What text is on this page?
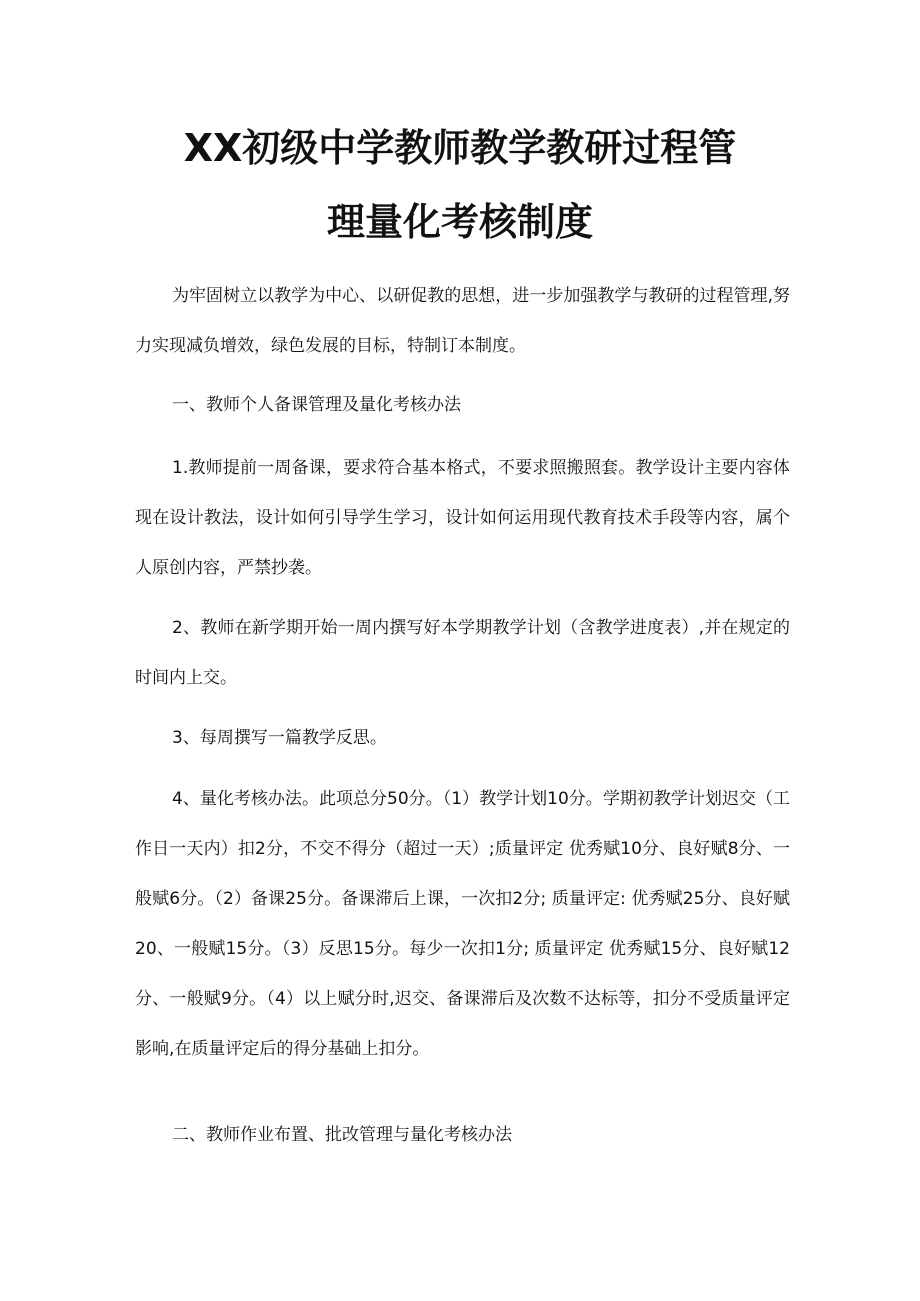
XX初级中学教师教学教研过程管
理量化考核制度

为牢固树立以教学为中心、以研促教的思想，进一步加强教学与教研的过程管理,努力实现减负增效，绿色发展的目标，特制订本制度。

一、教师个人备课管理及量化考核办法

1.教师提前一周备课，要求符合基本格式，不要求照搬照套。教学设计主要内容体现在设计教法，设计如何引导学生学习，设计如何运用现代教育技术手段等内容，属个人原创内容，严禁抄袭。

2、教师在新学期开始一周内撰写好本学期教学计划（含教学进度表）,并在规定的时间内上交。

3、每周撰写一篇教学反思。

4、量化考核办法。此项总分50分。（1）教学计划10分。学期初教学计划迟交（工作日一天内）扣2分，不交不得分（超过一天）;质量评定 优秀赋10分、良好赋8分、一般赋6分。（2）备课25分。备课滞后上课，一次扣2分; 质量评定: 优秀赋25分、良好赋20、一般赋15分。（3）反思15分。每少一次扣1分; 质量评定 优秀赋15分、良好赋12分、一般赋9分。（4）以上赋分时,迟交、备课滞后及次数不达标等，扣分不受质量评定影响,在质量评定后的得分基础上扣分。

二、教师作业布置、批改管理与量化考核办法
